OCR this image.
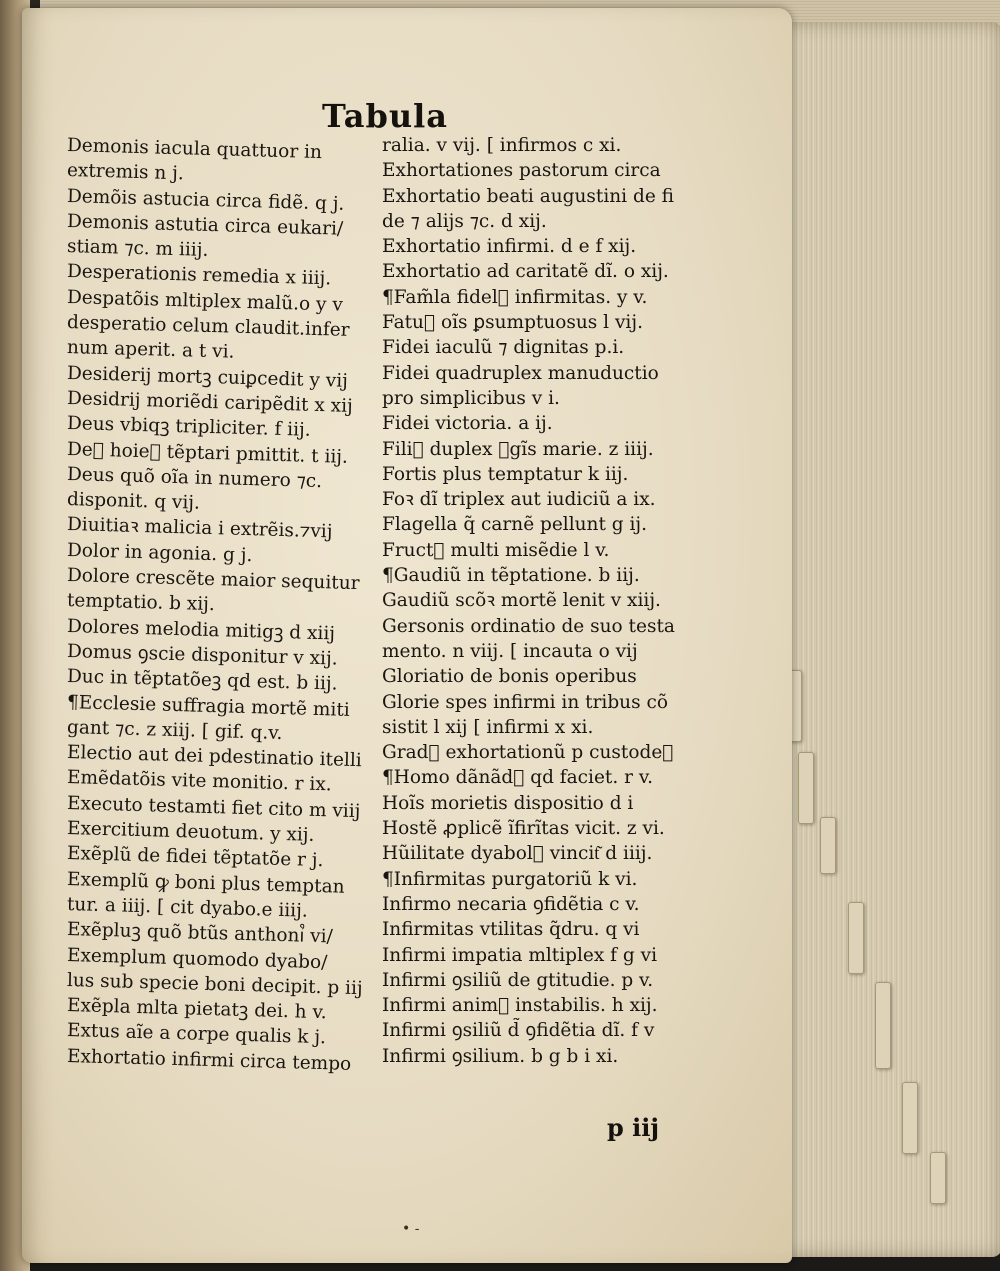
Tabula
Demonis iacula quattuor in
extremis n j.
Demõis astucia circa fidẽ. q j.
Demonis astutia circa eukari/
stiam ⁊c. m iiij.
Desperationis remedia x iiij.
Despatõis mltiplex malũ.o y v
desperatio celum claudit.infer
num aperit. a t vi.
Desiderij mortꝫ cuiꝑcedit y vij
Desidrij moriẽdi caripẽdit x xij
Deus vbiqꝫ tripliciter. f iij.
De᷒ hoieꝫ tẽptari pmittit. t iij.
Deus quõ oĩa in numero ⁊c.
disponit. q vij.
Diuitiaꝛ malicia i extrẽis.⁊vij
Dolor in agonia. g j.
Dolore crescẽte maior sequitur
temptatio. b xij.
Dolores melodia mitigꝫ d xiij
Domus ꝯscie disponitur v xij.
Duc in tẽptatõeꝫ qd est. b iij.
¶Ecclesie suffragia mortẽ miti
gant ⁊c. z xiij. [ gif. q.v.
Electio aut dei pdestinatio itelli
Emẽdatõis vite monitio. r ix.
Executo testamti fiet cito m viij
Exercitium deuotum. y xij.
Exẽplũ de fidei tẽptatõe r j.
Exemplũ ꝙ boni plus temptan
tur. a iiij. [ cit dyabo.e iiij.
Exẽpluꝫ quõ btũs anthoni᷒ vi/
Exemplum quomodo dyabo/
lus sub specie boni decipit. p iij
Exẽpla mlta pietatꝫ dei. h v.
Extus aĩe a corpe qualis k j.
Exhortatio infirmi circa tempo
ralia. v vij. [ infirmos c xi.
Exhortationes pastorum circa
Exhortatio beati augustini de fi
de ⁊ alijs ⁊c. d xij.
Exhortatio infirmi. d e f xij.
Exhortatio ad caritatẽ dĩ. o xij.
¶Fam̃la fidel᷑ infirmitas. y v.
Fatu᷒ oĩs ꝑsumptuosus l vij.
Fidei iaculũ ⁊ dignitas p.i.
Fidei quadruplex manuductio
pro simplicibus v i.
Fidei victoria. a ij.
Fili᷒ duplex ỽgĩs marie. z iiij.
Fortis plus temptatur k iij.
Foꝛ dĩ triplex aut iudiciũ a ix.
Flagella q̃ carnẽ pellunt g ij.
Fruct᷒ multi misẽdie l v.
¶Gaudiũ in tẽptatione. b iij.
Gaudiũ scõꝛ mortẽ lenit v xiij.
Gersonis ordinatio de suo testa
mento. n viij. [ incauta o vij
Gloriatio de bonis operibus
Glorie spes infirmi in tribus cõ
sistit l xij [ infirmi x xi.
Grad᷒ exhortationũ p custodeꝫ
¶Homo dãnãd᷒ qd faciet. r v.
Hoĩs morietis dispositio d i
Hostẽ ꝓplicẽ ĩfirĩtas vicit. z vi.
Hũilitate dyabol᷒ vincit͂ d iiij.
¶Infirmitas purgatoriũ k vi.
Infirmo necaria ꝯfidẽtia c v.
Infirmitas vtilitas q̃dru. q vi
Infirmi impatia mltiplex f g vi
Infirmi ꝯsiliũ de gtitudie. p v.
Infirmi anim᷒ instabilis. h xij.
Infirmi ꝯsiliũ d̃ ꝯfidẽtia dĩ. f v
Infirmi ꝯsilium. b g b i xi.
p iij
• -
